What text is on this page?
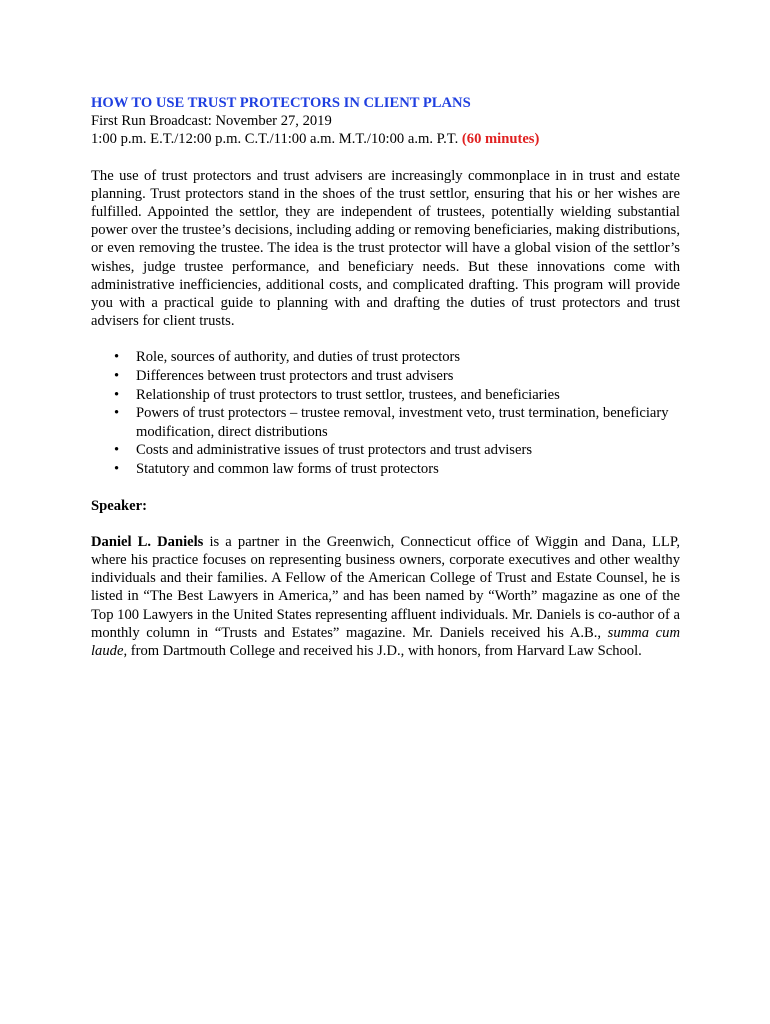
HOW TO USE TRUST PROTECTORS IN CLIENT PLANS

First Run Broadcast: November 27, 2019

1:00 p.m. E.T./12:00 p.m. C.T./11:00 a.m. M.T./10:00 a.m. P.T. (60 minutes)

The use of trust protectors and trust advisers are increasingly commonplace in in trust and estate planning. Trust protectors stand in the shoes of the trust settlor, ensuring that his or her wishes are fulfilled. Appointed the settlor, they are independent of trustees, potentially wielding substantial power over the trustee’s decisions, including adding or removing beneficiaries, making distributions, or even removing the trustee. The idea is the trust protector will have a global vision of the settlor’s wishes, judge trustee performance, and beneficiary needs. But these innovations come with administrative inefficiencies, additional costs, and complicated drafting. This program will provide you with a practical guide to planning with and drafting the duties of trust protectors and trust advisers for client trusts.

• Role, sources of authority, and duties of trust protectors
• Differences between trust protectors and trust advisers
• Relationship of trust protectors to trust settlor, trustees, and beneficiaries
• Powers of trust protectors – trustee removal, investment veto, trust termination, beneficiary modification, direct distributions
• Costs and administrative issues of trust protectors and trust advisers
• Statutory and common law forms of trust protectors

Speaker:

Daniel L. Daniels is a partner in the Greenwich, Connecticut office of Wiggin and Dana, LLP, where his practice focuses on representing business owners, corporate executives and other wealthy individuals and their families. A Fellow of the American College of Trust and Estate Counsel, he is listed in “The Best Lawyers in America,” and has been named by “Worth” magazine as one of the Top 100 Lawyers in the United States representing affluent individuals. Mr. Daniels is co-author of a monthly column in “Trusts and Estates” magazine. Mr. Daniels received his A.B., summa cum laude, from Dartmouth College and received his J.D., with honors, from Harvard Law School.
